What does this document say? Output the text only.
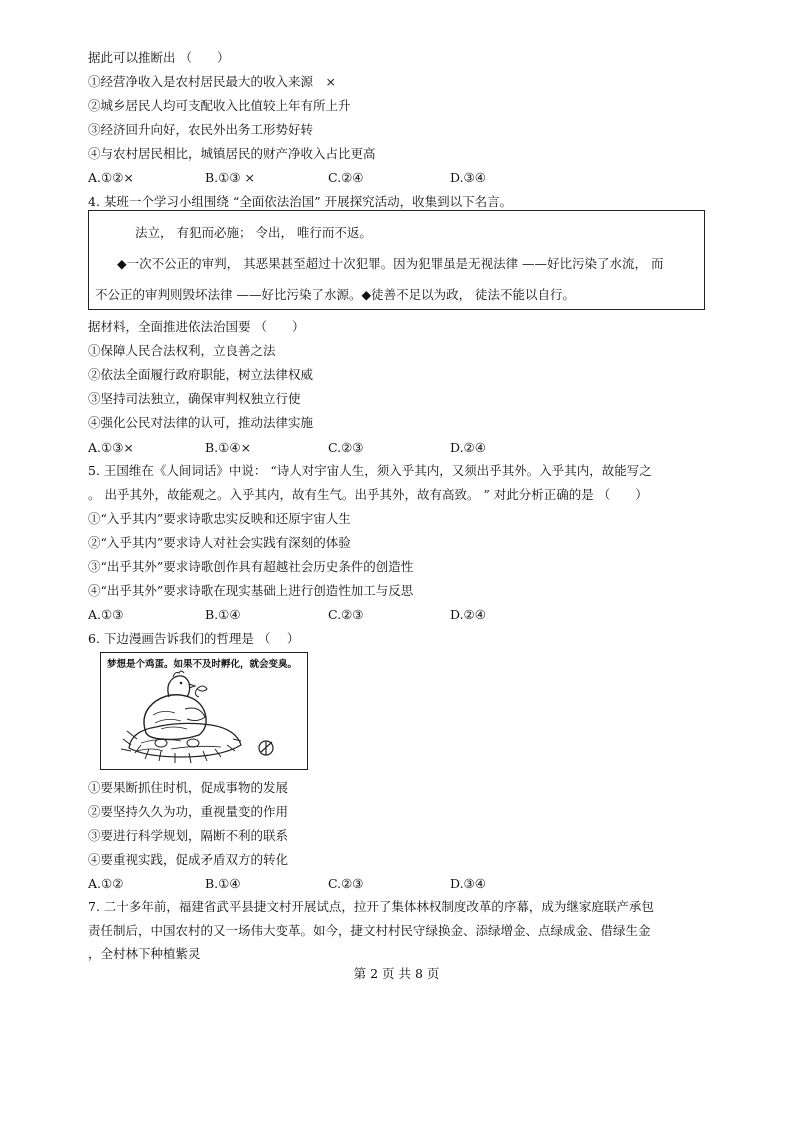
据此可以推断出 （　　）
①经营净收入是农村居民最大的收入来源　×
②城乡居民人均可支配收入比值较上年有所上升
③经济回升向好，农民外出务工形势好转
④与农村居民相比，城镇居民的财产净收入占比更高
A.①②×	B.①③ ×	C.②④	D.③④
4. 某班一个学习小组围绕 “全面依法治国” 开展探究活动，收集到以下名言。
法立， 有犯而必施； 令出， 唯行而不返。
◆一次不公正的审判， 其恶果甚至超过十次犯罪。因为犯罪虽是无视法律 ——好比污染了水流， 而
不公正的审判则毁坏法律 ——好比污染了水源。◆徒善不足以为政， 徒法不能以自行。
据材料，全面推进依法治国要 （　　）
①保障人民合法权利，立良善之法
②依法全面履行政府职能，树立法律权威
③坚持司法独立，确保审判权独立行使
④强化公民对法律的认可，推动法律实施
A.①③×	B.①④×	C.②③	D.②④
5. 王国维在《人间词话》中说： “诗人对宇宙人生，须入乎其内，又须出乎其外。入乎其内，故能写之
。 出乎其外，故能观之。入乎其内，故有生气。出乎其外，故有高致。 ” 对此分析正确的是 （　　）
①“入乎其内”要求诗歌忠实反映和还原宇宙人生
②“入乎其内”要求诗人对社会实践有深刻的体验
③“出乎其外”要求诗歌创作具有超越社会历史条件的创造性
④“出乎其外”要求诗歌在现实基础上进行创造性加工与反思
A.①③	B.①④	C.②③	D.②④
6. 下边漫画告诉我们的哲理是 （　 ）
梦想是个鸡蛋。如果不及时孵化，就会变臭。
①要果断抓住时机，促成事物的发展
②要坚持久久为功，重视量变的作用
③要进行科学规划，隔断不利的联系
④要重视实践，促成矛盾双方的转化
A.①②	B.①④	C.②③	D.③④
7. 二十多年前，福建省武平县捷文村开展试点，拉开了集体林权制度改革的序幕，成为继家庭联产承包
责任制后，中国农村的又一场伟大变革。如今，捷文村村民守绿换金、添绿增金、点绿成金、借绿生金
，全村林下种植紫灵
第 2 页 共 8 页
